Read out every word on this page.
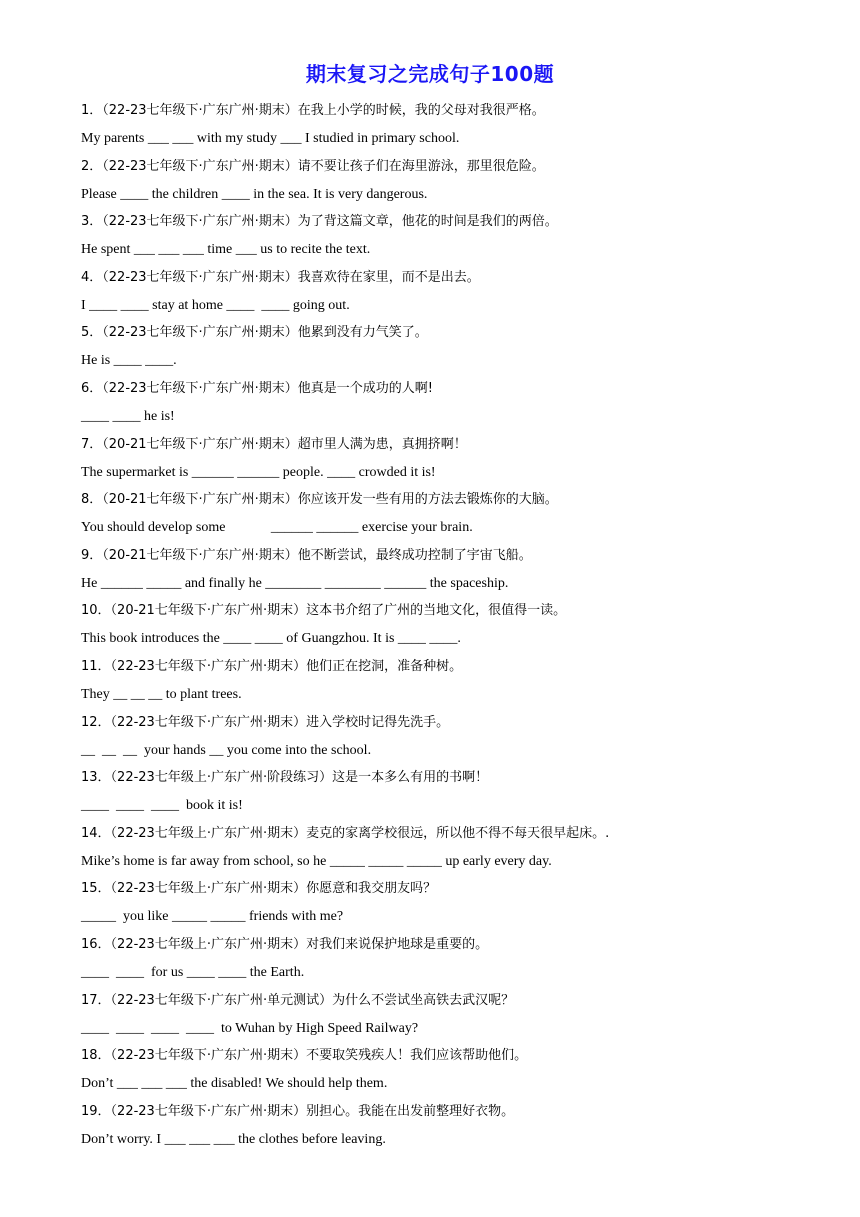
期末复习之完成句子100题
1．（22-23七年级下·广东广州·期末）在我上小学的时候，我的父母对我很严格。
My parents ___ ___ with my study ___ I studied in primary school.
2．（22-23七年级下·广东广州·期末）请不要让孩子们在海里游泳，那里很危险。
Please ____ the children ____ in the sea. It is very dangerous.
3．（22-23七年级下·广东广州·期末）为了背这篇文章，他花的时间是我们的两倍。
He spent ___ ___ ___ time ___ us to recite the text.
4．（22-23七年级下·广东广州·期末）我喜欢待在家里，而不是出去。
I ____ ____ stay at home ____  ____ going out.
5．（22-23七年级下·广东广州·期末）他累到没有力气笑了。
He is ____ ____.
6．（22-23七年级下·广东广州·期末）他真是一个成功的人啊!
____ ____ he is!
7．（20-21七年级下·广东广州·期末）超市里人满为患，真拥挤啊！
The supermarket is ______ ______ people. ____ crowded it is!
8．（20-21七年级下·广东广州·期末）你应该开发一些有用的方法去锻炼你的大脑。
You should develop some             ______ ______ exercise your brain.
9．（20-21七年级下·广东广州·期末）他不断尝试，最终成功控制了宇宙飞船。
He ______ _____ and finally he ________ ________ ______ the spaceship.
10．（20-21七年级下·广东广州·期末）这本书介绍了广州的当地文化，很值得一读。
This book introduces the ____ ____ of Guangzhou. It is ____ ____.
11．（22-23七年级下·广东广州·期末）他们正在挖洞，准备种树。
They __ __ __ to plant trees.
12．（22-23七年级下·广东广州·期末）进入学校时记得先洗手。
__  __  __  your hands __ you come into the school.
13．（22-23七年级上·广东广州·阶段练习）这是一本多么有用的书啊！
____  ____  ____  book it is!
14．（22-23七年级上·广东广州·期末）麦克的家离学校很远，所以他不得不每天很早起床。.
Mike’s home is far away from school, so he _____ _____ _____ up early every day.
15．（22-23七年级上·广东广州·期末）你愿意和我交朋友吗？
_____  you like _____ _____ friends with me?
16．（22-23七年级上·广东广州·期末）对我们来说保护地球是重要的。
____  ____  for us ____ ____ the Earth.
17．（22-23七年级下·广东广州·单元测试）为什么不尝试坐高铁去武汉呢？
____  ____  ____  ____  to Wuhan by High Speed Railway?
18．（22-23七年级下·广东广州·期末）不要取笑残疾人！我们应该帮助他们。
Don’t ___ ___ ___ the disabled! We should help them.
19．（22-23七年级下·广东广州·期末）别担心。我能在出发前整理好衣物。
Don’t worry. I ___ ___ ___ the clothes before leaving.
